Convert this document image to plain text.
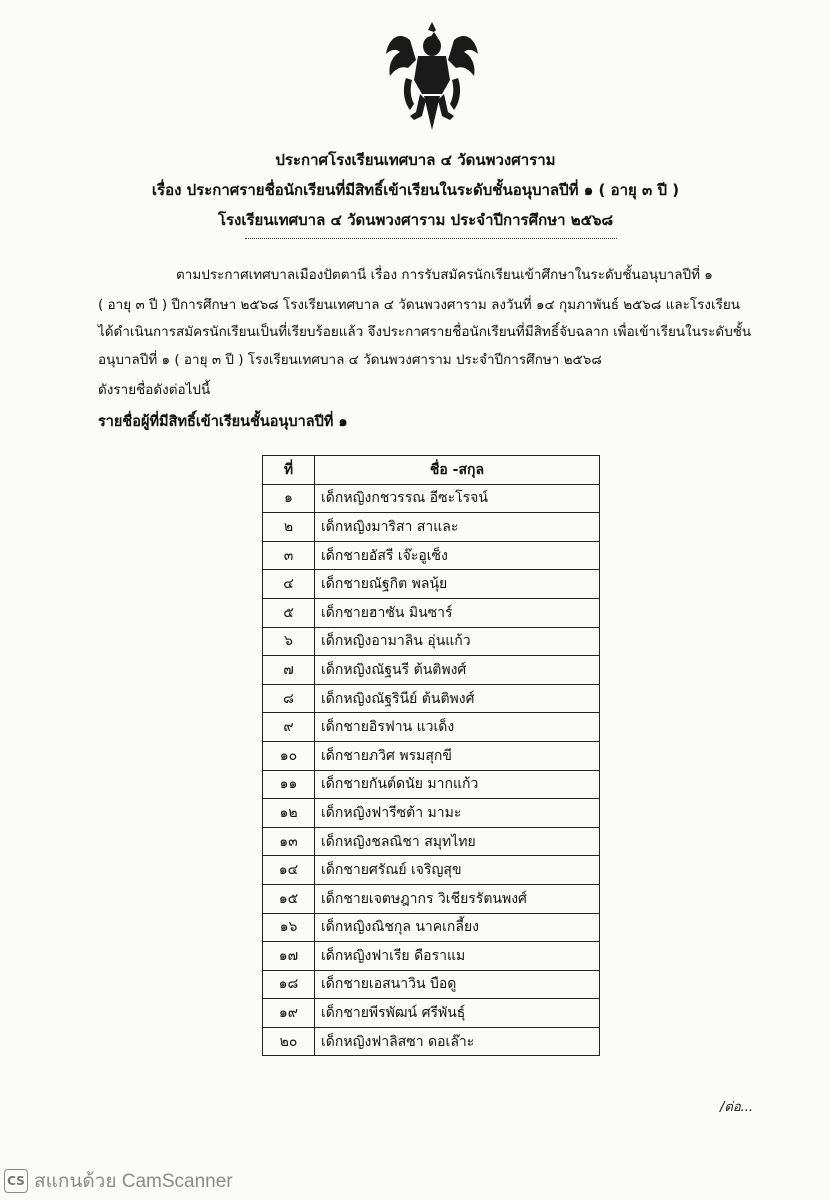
ประกาศโรงเรียนเทศบาล ๔ วัดนพวงศาราม
เรื่อง ประกาศรายชื่อนักเรียนที่มีสิทธิ์เข้าเรียนในระดับชั้นอนุบาลปีที่ ๑ ( อายุ ๓ ปี )
โรงเรียนเทศบาล ๔ วัดนพวงศาราม ประจำปีการศึกษา ๒๕๖๘
ตามประกาศเทศบาลเมืองปัตตานี เรื่อง การรับสมัครนักเรียนเข้าศึกษาในระดับชั้นอนุบาลปีที่ ๑
( อายุ ๓ ปี ) ปีการศึกษา ๒๕๖๘ โรงเรียนเทศบาล ๔ วัดนพวงศาราม ลงวันที่ ๑๔ กุมภาพันธ์ ๒๕๖๘ และโรงเรียน
ได้ดำเนินการสมัครนักเรียนเป็นที่เรียบร้อยแล้ว จึงประกาศรายชื่อนักเรียนที่มีสิทธิ์จับฉลาก เพื่อเข้าเรียนในระดับชั้น
อนุบาลปีที่ ๑ ( อายุ ๓ ปี ) โรงเรียนเทศบาล ๔ วัดนพวงศาราม ประจำปีการศึกษา ๒๕๖๘
ดังรายชื่อดังต่อไปนี้
รายชื่อผู้ที่มีสิทธิ์เข้าเรียนชั้นอนุบาลปีที่ ๑
ที่	ชื่อ -สกุล
๑	เด็กหญิงกชวรรณ อีซะโรจน์
๒	เด็กหญิงมาริสา สาและ
๓	เด็กชายอัสรี เจ๊ะอูเซ็ง
๔	เด็กชายณัฐกิต พลนุ้ย
๕	เด็กชายฮาซัน มินซาร์
๖	เด็กหญิงอามาลิน อุ่นแก้ว
๗	เด็กหญิงณัฐนรี ต้นติพงศ์
๘	เด็กหญิงณัฐรินีย์ ต้นติพงศ์
๙	เด็กชายอิรฟาน แวเด็ง
๑๐	เด็กชายภวิศ พรมสุกขี
๑๑	เด็กชายกันต์ดนัย มากแก้ว
๑๒	เด็กหญิงฟารีซต้า มามะ
๑๓	เด็กหญิงชลณิชา สมุทไทย
๑๔	เด็กชายศรัณย์ เจริญสุข
๑๕	เด็กชายเจตษฎากร วิเชียรรัตนพงศ์
๑๖	เด็กหญิงณิชกุล นาคเกลี้ยง
๑๗	เด็กหญิงฟาเรีย ดือราแม
๑๘	เด็กชายเอสนาวิน บือดู
๑๙	เด็กชายพีรพัฒน์ ศรีพันธุ์
๒๐	เด็กหญิงฟาลิสซา ดอเล๊าะ
/ต่อ...
CS สแกนด้วย CamScanner
